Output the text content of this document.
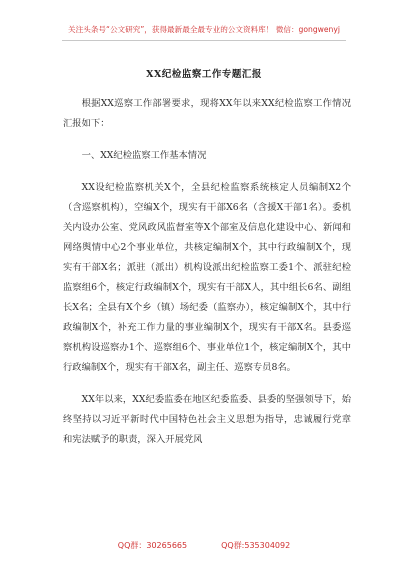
关注头条号“公文研究”，获得最新最全最专业的公文资料库！ 微信：gongwenyj
XX纪检监察工作专题汇报

根据XX巡察工作部署要求，现将XX年以来XX纪检监察工作情况汇报如下：

一、XX纪检监察工作基本情况

XX设纪检监察机关X个，全县纪检监察系统核定人员编制X2个（含巡察机构），空编X个，现实有干部X6名（含援X干部1名）。委机关内设办公室、党风政风监督室等X个部室及信息化建设中心、新闻和网络舆情中心2个事业单位，共核定编制X个，其中行政编制X个，现实有干部X名；派驻（派出）机构设派出纪检监察工委1个、派驻纪检监察组6个，核定行政编制X个，现实有干部X人，其中组长6名、副组长X名；全县有X个乡（镇）场纪委（监察办），核定编制X个，其中行政编制X个，补充工作力量的事业编制X个，现实有干部X名。县委巡察机构设巡察办1个、巡察组6个、事业单位1个，核定编制X个，其中行政编制X个，现实有干部X名，副主任、巡察专员8名。

XX年以来，XX纪委监委在地区纪委监委、县委的坚强领导下，始终坚持以习近平新时代中国特色社会主义思想为指导，忠诚履行党章和宪法赋予的职责，深入开展党风

QQ群：30265665	QQ群:535304092
